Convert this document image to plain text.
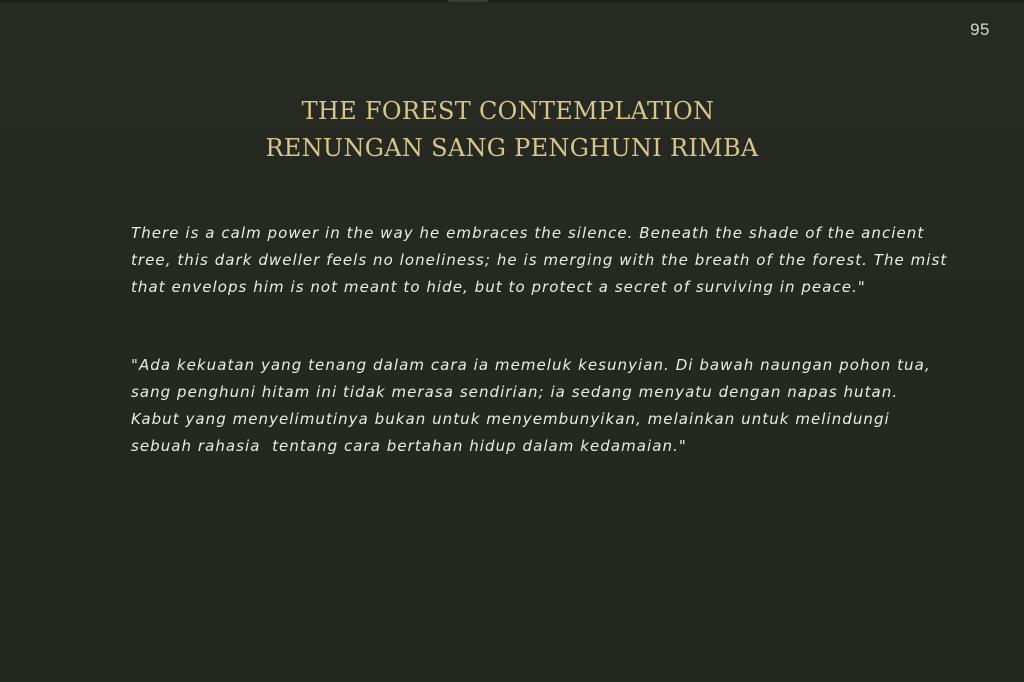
95
THE FOREST CONTEMPLATION
RENUNGAN SANG PENGHUNI RIMBA

There is a calm power in the way he embraces the silence. Beneath the shade of the ancient
tree, this dark dweller feels no loneliness; he is merging with the breath of the forest. The mist
that envelops him is not meant to hide, but to protect a secret of surviving in peace."

"Ada kekuatan yang tenang dalam cara ia memeluk kesunyian. Di bawah naungan pohon tua,
sang penghuni hitam ini tidak merasa sendirian; ia sedang menyatu dengan napas hutan.
Kabut yang menyelimutinya bukan untuk menyembunyikan, melainkan untuk melindungi
sebuah rahasia  tentang cara bertahan hidup dalam kedamaian."
